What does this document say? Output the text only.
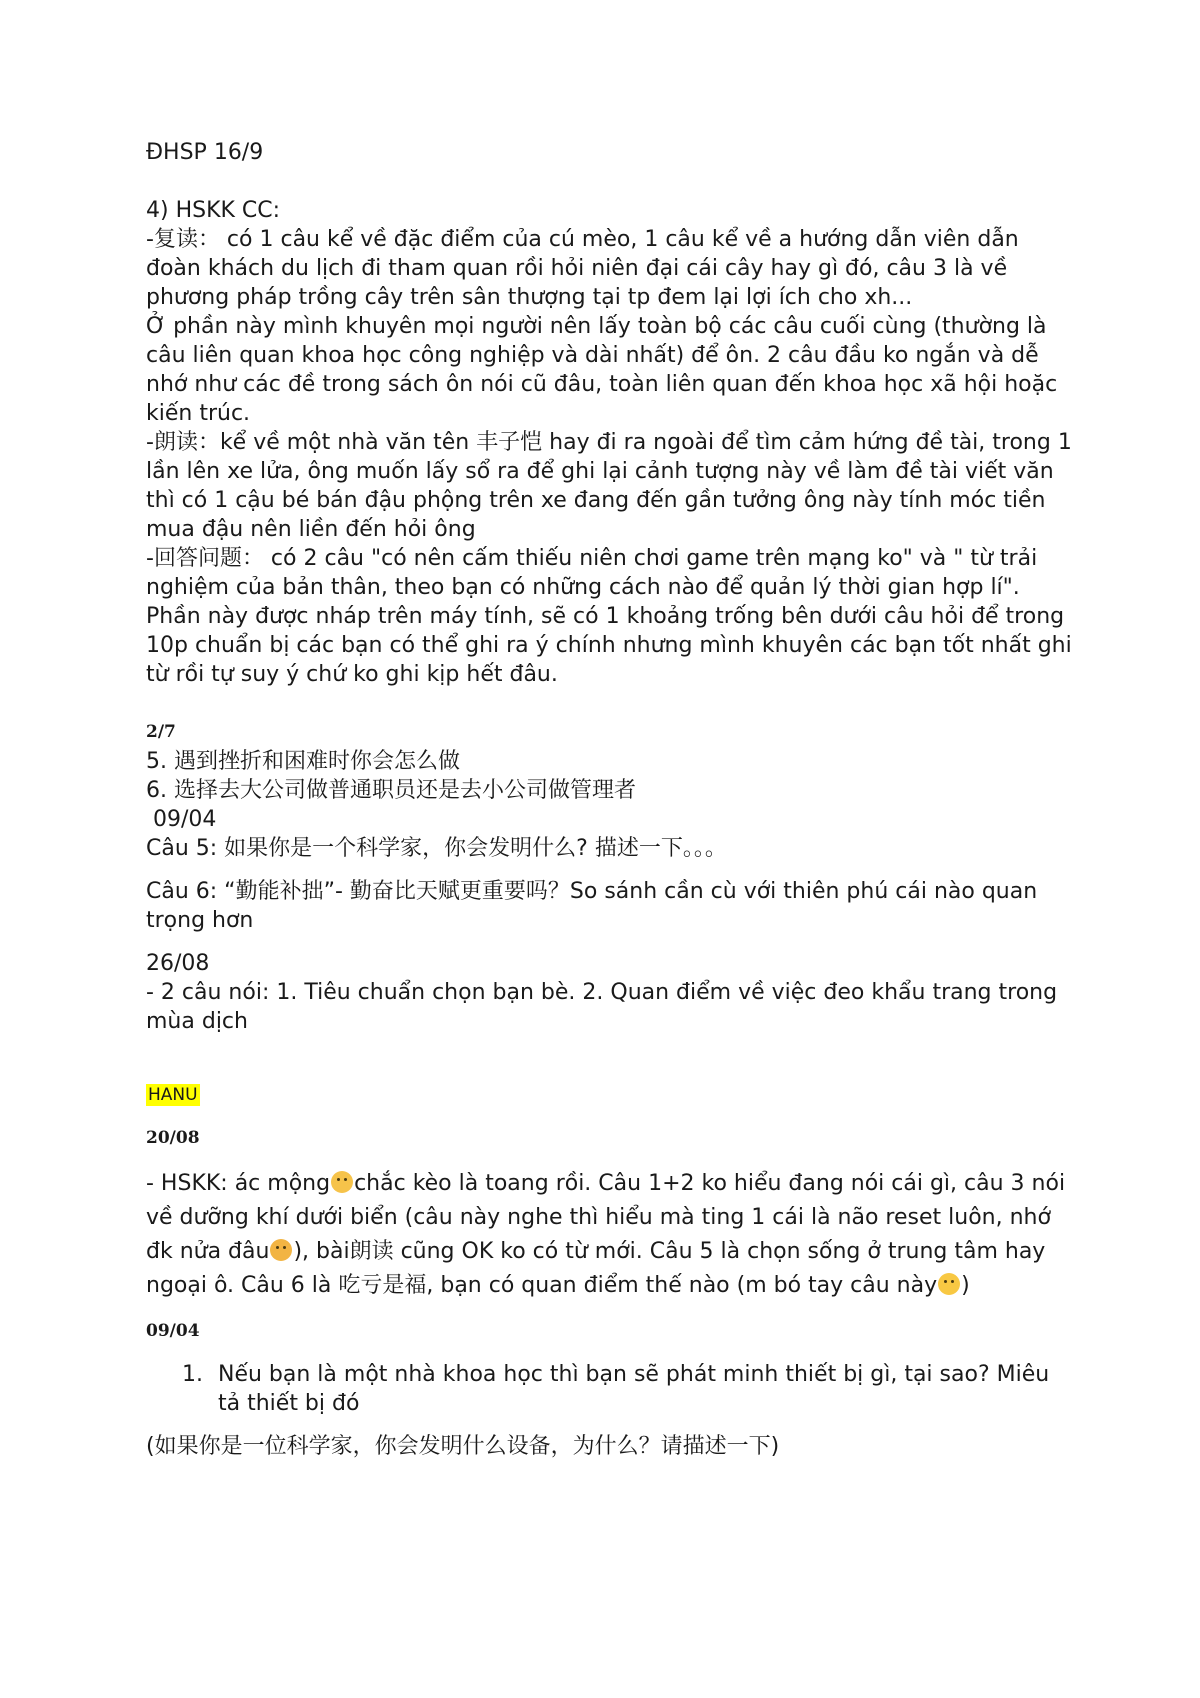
ĐHSP 16/9

4) HSKK CC:

-复读： có 1 câu kể về đặc điểm của cú mèo, 1 câu kể về a hướng dẫn viên dẫn đoàn khách du lịch đi tham quan rồi hỏi niên đại cái cây hay gì đó, câu 3 là về phương pháp trồng cây trên sân thượng tại tp đem lại lợi ích cho xh...

Ở phần này mình khuyên mọi người nên lấy toàn bộ các câu cuối cùng (thường là câu liên quan khoa học công nghiệp và dài nhất) để ôn. 2 câu đầu ko ngắn và dễ nhớ như các đề trong sách ôn nói cũ đâu, toàn liên quan đến khoa học xã hội hoặc kiến trúc.

-朗读：kể về một nhà văn tên 丰子恺 hay đi ra ngoài để tìm cảm hứng đề tài, trong 1 lần lên xe lửa, ông muốn lấy sổ ra để ghi lại cảnh tượng này về làm đề tài viết văn thì có 1 cậu bé bán đậu phộng trên xe đang đến gần tưởng ông này tính móc tiền mua đậu nên liền đến hỏi ông

-回答问题： có 2 câu "có nên cấm thiếu niên chơi game trên mạng ko" và " từ trải nghiệm của bản thân, theo bạn có những cách nào để quản lý thời gian hợp lí".

Phần này được nháp trên máy tính, sẽ có 1 khoảng trống bên dưới câu hỏi để trong 10p chuẩn bị các bạn có thể ghi ra ý chính nhưng mình khuyên các bạn tốt nhất ghi từ rồi tự suy ý chứ ko ghi kịp hết đâu.

2/7

5. 遇到挫折和困难时你会怎么做

6. 选择去大公司做普通职员还是去小公司做管理者

09/04

Câu 5: 如果你是一个科学家，你会发明什么? 描述一下。。。

Câu 6: “勤能补拙”- 勤奋比天赋更重要吗？So sánh cần cù với thiên phú cái nào quan trọng hơn

26/08

- 2 câu nói: 1. Tiêu chuẩn chọn bạn bè. 2. Quan điểm về việc đeo khẩu trang trong mùa dịch

HANU

20/08

- HSKK: ác mộng chắc kèo là toang rồi. Câu 1+2 ko hiểu đang nói cái gì, câu 3 nói về dưỡng khí dưới biển (câu này nghe thì hiểu mà ting 1 cái là não reset luôn, nhớ đk nửa đâu ), bài朗读 cũng OK ko có từ mới. Câu 5 là chọn sống ở trung tâm hay ngoại ô. Câu 6 là 吃亏是福, bạn có quan điểm thế nào (m bó tay câu này )

09/04

1. Nếu bạn là một nhà khoa học thì bạn sẽ phát minh thiết bị gì, tại sao? Miêu tả thiết bị đó

(如果你是一位科学家，你会发明什么设备，为什么？请描述一下)
